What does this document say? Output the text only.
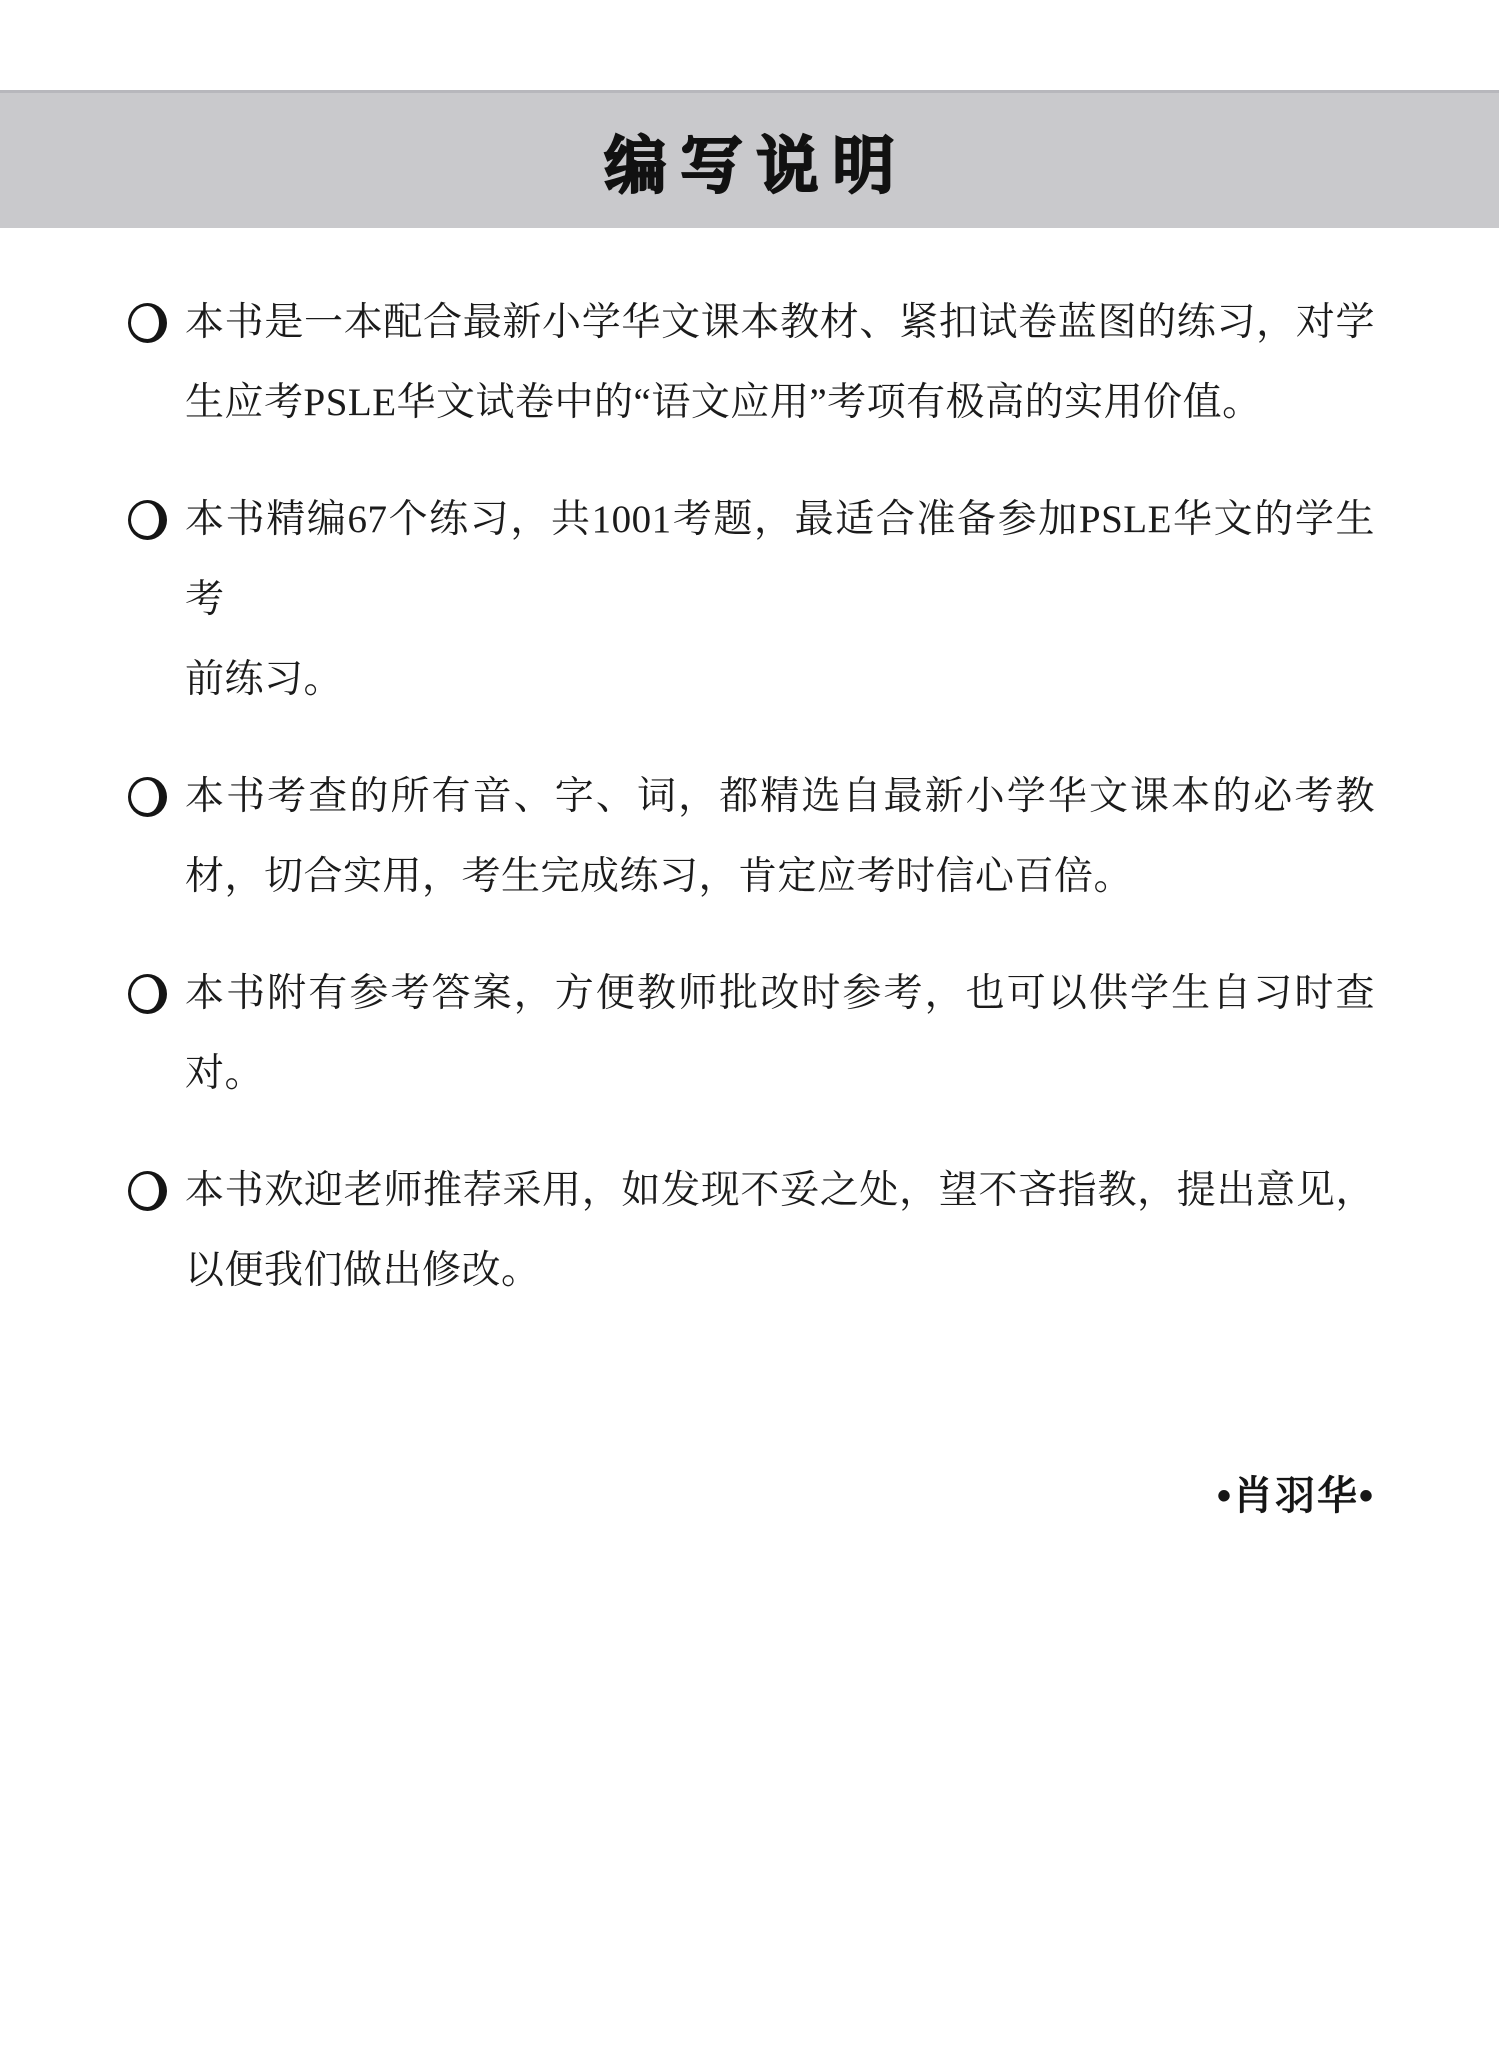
编写说明
本书是一本配合最新小学华文课本教材、紧扣试卷蓝图的练习，对学
生应考PSLE华文试卷中的“语文应用”考项有极高的实用价值。
本书精编67个练习，共1001考题，最适合准备参加PSLE华文的学生考
前练习。
本书考查的所有音、字、词，都精选自最新小学华文课本的必考教
材，切合实用，考生完成练习，肯定应考时信心百倍。
本书附有参考答案，方便教师批改时参考，也可以供学生自习时查
对。
本书欢迎老师推荐采用，如发现不妥之处，望不吝指教，提出意见，
以便我们做出修改。
•肖羽华•
